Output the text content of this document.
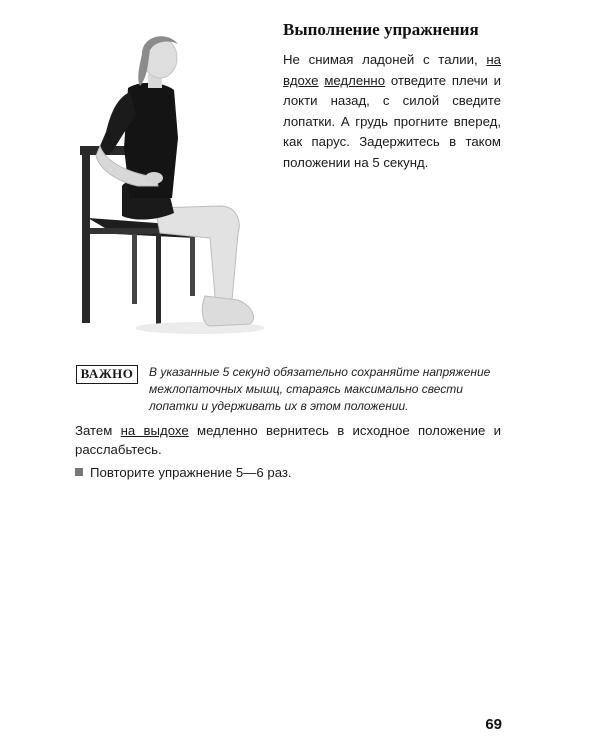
Выполнение упражнения

Не снимая ладоней с талии, на вдохе медленно отведите плечи и локти назад, с силой сведите лопатки. А грудь прогните вперед, как парус. Задержитесь в таком положении на 5 секунд.

ВАЖНО	В указанные 5 секунд обязательно сохраняйте напряжение межлопаточных мышц, стараясь максимально свести лопатки и удерживать их в этом положении.

Затем на выдохе медленно вернитесь в исходное положение и расслабьтесь.

Повторите упражнение 5—6 раз.
69
